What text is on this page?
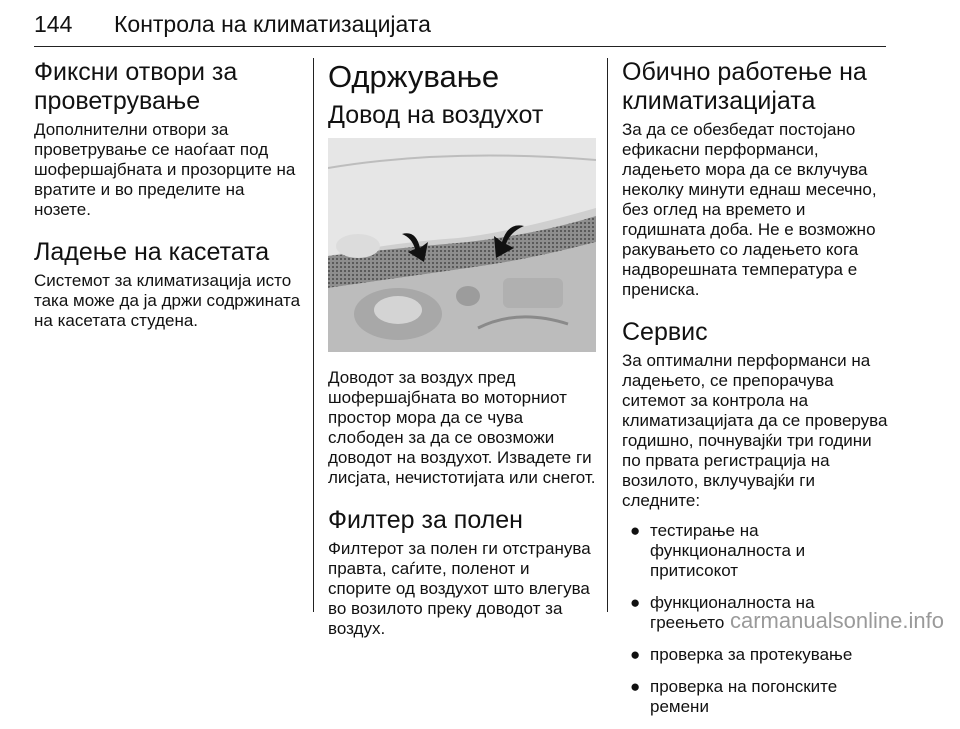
144 Контрола на климатизацијата
Фиксни отвори за проветрување

Дополнителни отвори за проветрување се наоѓаат под шофершајбната и прозорците на вратите и во пределите на нозете.

Ладење на касетата

Системот за климатизација исто така може да ја држи содржината на касетата студена.

Одржување
Довод на воздухот

Доводот за воздух пред шофершајбната во моторниот простор мора да се чува слободен за да се овозможи доводот на воздухот. Извадете ги лисјата, нечистотијата или снегот.

Филтер за полен

Филтерот за полен ги отстранува правта, саѓите, поленот и спорите од воздухот што влегува во возилото преку доводот за воздух.

Обично работење на климатизацијата

За да се обезбедат постојано ефикасни перформанси, ладењето мора да се вклучува неколку минути еднаш месечно, без оглед на времето и годишната доба. Не е возможно ракувањето со ладењето кога надворешната температура е прениска.

Сервис

За оптимални перформанси на ладењето, се препорачува ситемот за контрола на климатизацијата да се проверува годишно, почнувајќи три години по првата регистрација на возилото, вклучувајќи ги следните:

● тестирање на функционалноста и притисокот
● функционалноста на греењето
● проверка за протекување
● проверка на погонските ремени
carmanualsonline.info
